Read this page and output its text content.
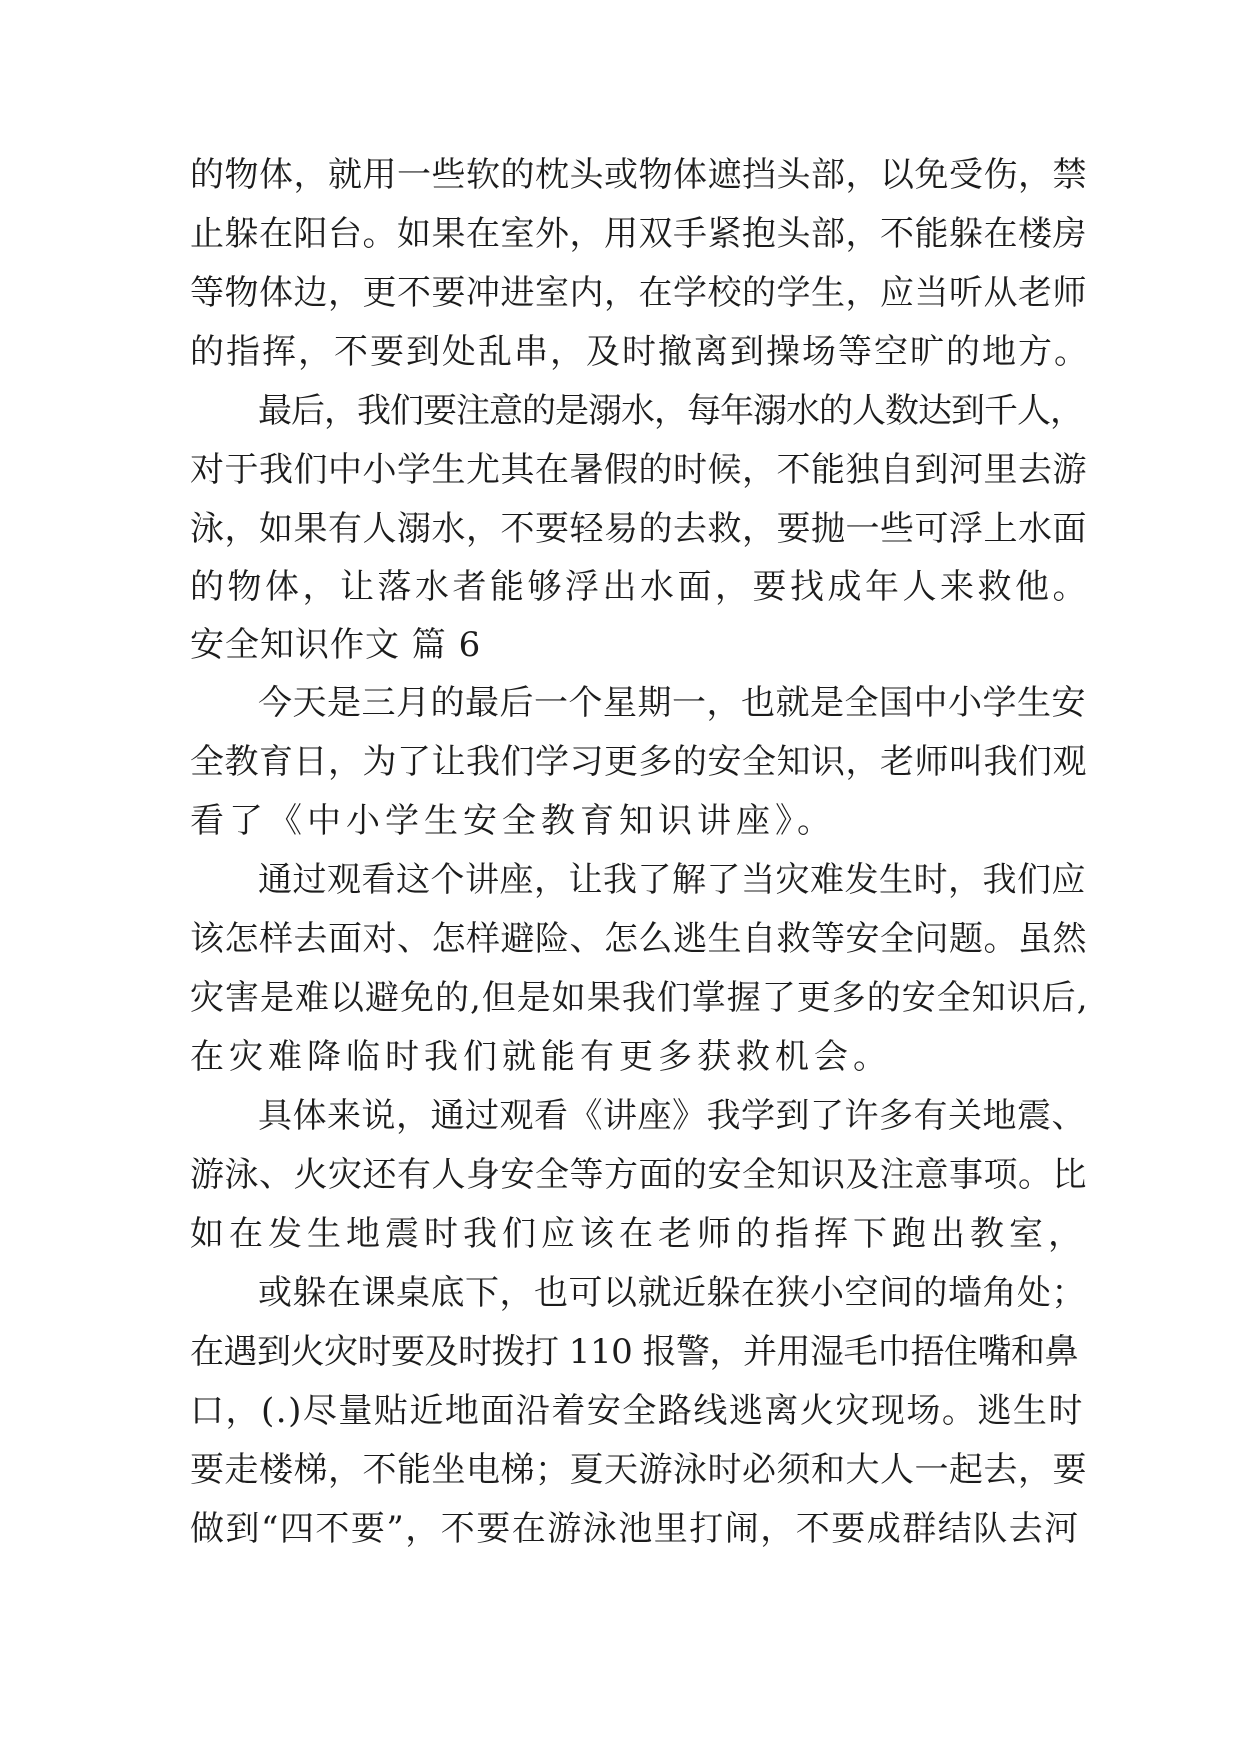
的物体，就用一些软的枕头或物体遮挡头部，以免受伤，禁
止躲在阳台。如果在室外，用双手紧抱头部，不能躲在楼房
等物体边，更不要冲进室内，在学校的学生，应当听从老师
的指挥，不要到处乱串，及时撤离到操场等空旷的地方。
最后，我们要注意的是溺水，每年溺水的人数达到千人，
对于我们中小学生尤其在暑假的时候，不能独自到河里去游
泳，如果有人溺水，不要轻易的去救，要抛一些可浮上水面
的物体，让落水者能够浮出水面，要找成年人来救他。
安全知识作文 篇 6
今天是三月的最后一个星期一，也就是全国中小学生安
全教育日，为了让我们学习更多的安全知识，老师叫我们观
看了《中小学生安全教育知识讲座》。
通过观看这个讲座，让我了解了当灾难发生时，我们应
该怎样去面对、怎样避险、怎么逃生自救等安全问题。虽然
灾害是难以避免的,但是如果我们掌握了更多的安全知识后,
在灾难降临时我们就能有更多获救机会。
具体来说，通过观看《讲座》我学到了许多有关地震、
游泳、火灾还有人身安全等方面的安全知识及注意事项。比
如在发生地震时我们应该在老师的指挥下跑出教室，
或躲在课桌底下，也可以就近躲在狭小空间的墙角处；
在遇到火灾时要及时拨打 110 报警，并用湿毛巾捂住嘴和鼻
口，(.)尽量贴近地面沿着安全路线逃离火灾现场。逃生时
要走楼梯，不能坐电梯；夏天游泳时必须和大人一起去，要
做到“四不要”，不要在游泳池里打闹，不要成群结队去河
